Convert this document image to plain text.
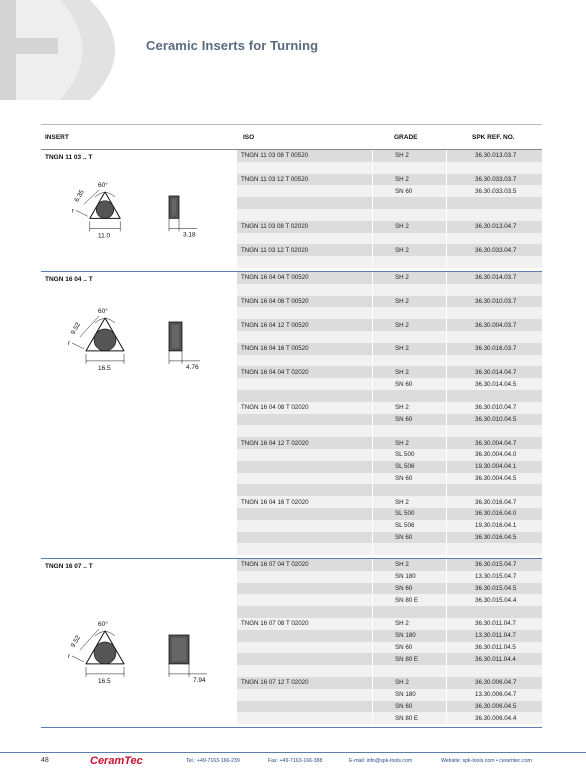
Ceramic Inserts for Turning
INSERT	ISO	GRADE	SPK REF. NO.
TNGN 11 03 .. T
60°
6.35
r
11.0	3.18
TNGN 11 03 08 T 00520	SH 2	36.30.013.03.7
TNGN 11 03 12 T 00520	SH 2	36.30.033.03.7
SN 60	36.30.033.03.5
TNGN 11 03 08 T 02020	SH 2	36.30.013.04.7
TNGN 11 03 12 T 02020	SH 2	36.30.033.04.7
TNGN 16 04 .. T
60°
9.52
r
16.5	4.76
TNGN 16 04 04 T 00520	SH 2	36.30.014.03.7
TNGN 16 04 08 T 00520	SH 2	36.30.010.03.7
TNGN 16 04 12 T 00520	SH 2	36.30.004.03.7
TNGN 16 04 16 T 00520	SH 2	36.30.016.03.7
TNGN 16 04 04 T 02020	SH 2	36.30.014.04.7
SN 60	36.30.014.04.5
TNGN 16 04 08 T 02020	SH 2	36.30.010.04.7
SN 60	36.30.010.04.5
TNGN 16 04 12 T 02020	SH 2	36.30.004.04.7
SL 500	36.30.004.04.0
SL 506	19.30.004.04.1
SN 60	36.30.004.04.5
TNGN 16 04 16 T 02020	SH 2	36.30.016.04.7
SL 500	36.30.016.04.0
SL 506	19.30.016.04.1
SN 60	36.30.016.04.5
TNGN 16 07 .. T
60°
9.52
r
16.5	7.94
TNGN 16 07 04 T 02020	SH 2	36.30.015.04.7
SN 180	13.30.015.04.7
SN 60	36.30.015.04.5
SN 80 E	36.30.015.04.4
TNGN 16 07 08 T 02020	SH 2	36.30.011.04.7
SN 180	13.30.011.04.7
SN 60	36.30.011.04.5
SN 80 E	36.30.011.04.4
TNGN 16 07 12 T 02020	SH 2	36.30.006.04.7
SN 180	13.30.006.04.7
SN 60	36.30.006.04.5
SN 80 E	36.30.006.04.4
48	CeramTec	Tel.: +49-7163-166-239	Fax: +49-7163-166-388	E-mail: info@spk-tools.com	Website: spk-tools.com • ceramtec.com
